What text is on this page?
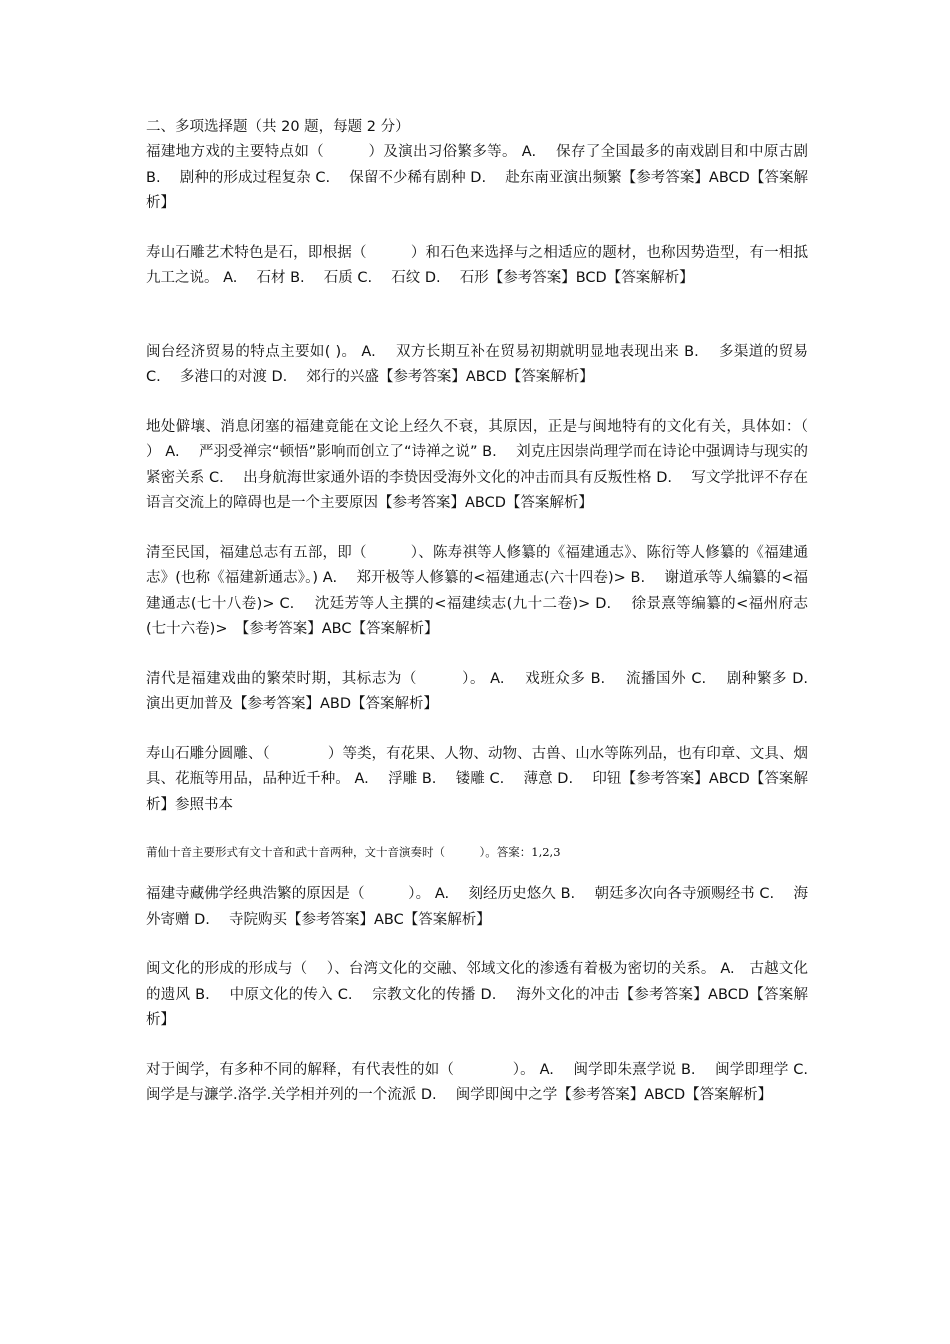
二、多项选择题（共 20 题，每题 2 分）

福建地方戏的主要特点如（　　　）及演出习俗繁多等。 A.　 保存了全国最多的南戏剧目和中原古剧 B.　 剧种的形成过程复杂 C.　 保留不少稀有剧种 D.　 赴东南亚演出频繁【参考答案】ABCD【答案解析】

寿山石雕艺术特色是石，即根据（　　　）和石色来选择与之相适应的题材，也称因势造型，有一相抵九工之说。 A.　 石材 B.　 石质 C.　 石纹 D.　 石形【参考答案】BCD【答案解析】

闽台经济贸易的特点主要如( )。 A.　 双方长期互补在贸易初期就明显地表现出来 B.　 多渠道的贸易 C.　 多港口的对渡 D.　 郊行的兴盛【参考答案】ABCD【答案解析】

地处僻壤、消息闭塞的福建竟能在文论上经久不衰，其原因，正是与闽地特有的文化有关，具体如：（　　　　） A.　 严羽受禅宗“顿悟”影响而创立了“诗禅之说” B.　 刘克庄因崇尚理学而在诗论中强调诗与现实的紧密关系 C.　 出身航海世家通外语的李贽因受海外文化的冲击而具有反叛性格 D.　 写文学批评不存在语言交流上的障碍也是一个主要原因【参考答案】ABCD【答案解析】

清至民国，福建总志有五部，即（　　　）、陈寿祺等人修纂的《福建通志》、陈衍等人修纂的《福建通志》(也称《福建新通志》。) A.　 郑开极等人修纂的<福建通志(六十四卷)> B.　 谢道承等人编纂的<福建通志(七十八卷)> C.　 沈廷芳等人主撰的<福建续志(九十二卷)> D.　 徐景熹等编纂的<福州府志(七十六卷)>　【参考答案】ABC【答案解析】

清代是福建戏曲的繁荣时期，其标志为（　　　）。 A.　 戏班众多 B.　 流播国外 C.　 剧种繁多 D.　 演出更加普及【参考答案】ABD【答案解析】

寿山石雕分圆雕、（　　　　）等类，有花果、人物、动物、古兽、山水等陈列品，也有印章、文具、烟具、花瓶等用品，品种近千种。 A.　 浮雕 B.　 镂雕 C.　 薄意 D.　 印钮【参考答案】ABCD【答案解析】参照书本

莆仙十音主要形式有文十音和武十音两种，文十音演奏时（　　　）。答案：1,2,3

福建寺藏佛学经典浩繁的原因是（　　　）。 A.　 刻经历史悠久 B.　 朝廷多次向各寺颁赐经书 C.　 海外寄赠 D.　 寺院购买【参考答案】ABC【答案解析】

闽文化的形成的形成与（　 ）、台湾文化的交融、邻域文化的渗透有着极为密切的关系。 A.　古越文化的遗风 B.　 中原文化的传入 C.　 宗教文化的传播 D.　 海外文化的冲击【参考答案】ABCD【答案解析】

对于闽学，有多种不同的解释，有代表性的如（　　　　）。 A.　 闽学即朱熹学说 B.　 闽学即理学 C.　 闽学是与濂学.洛学.关学相并列的一个流派 D.　 闽学即闽中之学【参考答案】ABCD【答案解析】
